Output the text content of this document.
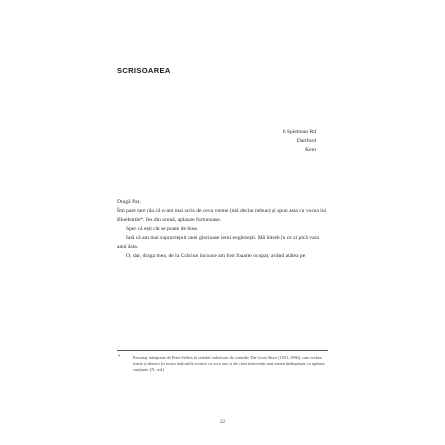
SCRISOAREA
6 Spielman Rd
Dartford
Kent
Dragă Pat,

Îmi pare tare rău că n-am mai scris de ceva vreme (mă declar nebun) și spun asta cu vocea lui Bluebottle*. Ies din scenă, aplauze furtunoase.

Sper că ești cât se poate de bine.

Iată că am mai supraviețuit unei glorioase ierni englezești. Mă întreb în ce zi pică vara anul ăsta.

O, dar, draga mea, de la Crăciun încoace am fost foaarte ocupat, având atâtea pe

*	Personaj interpretat de Peter Sellers în serialul radiofonic de comedie The Goon Show (1951–1960), care vorbea foarte și deseori își rostea indicațiile scenice cu voce tare și ale cărei intervenții sunt mereu întâmpinate cu aplauze susținute. (N. red.)
22
